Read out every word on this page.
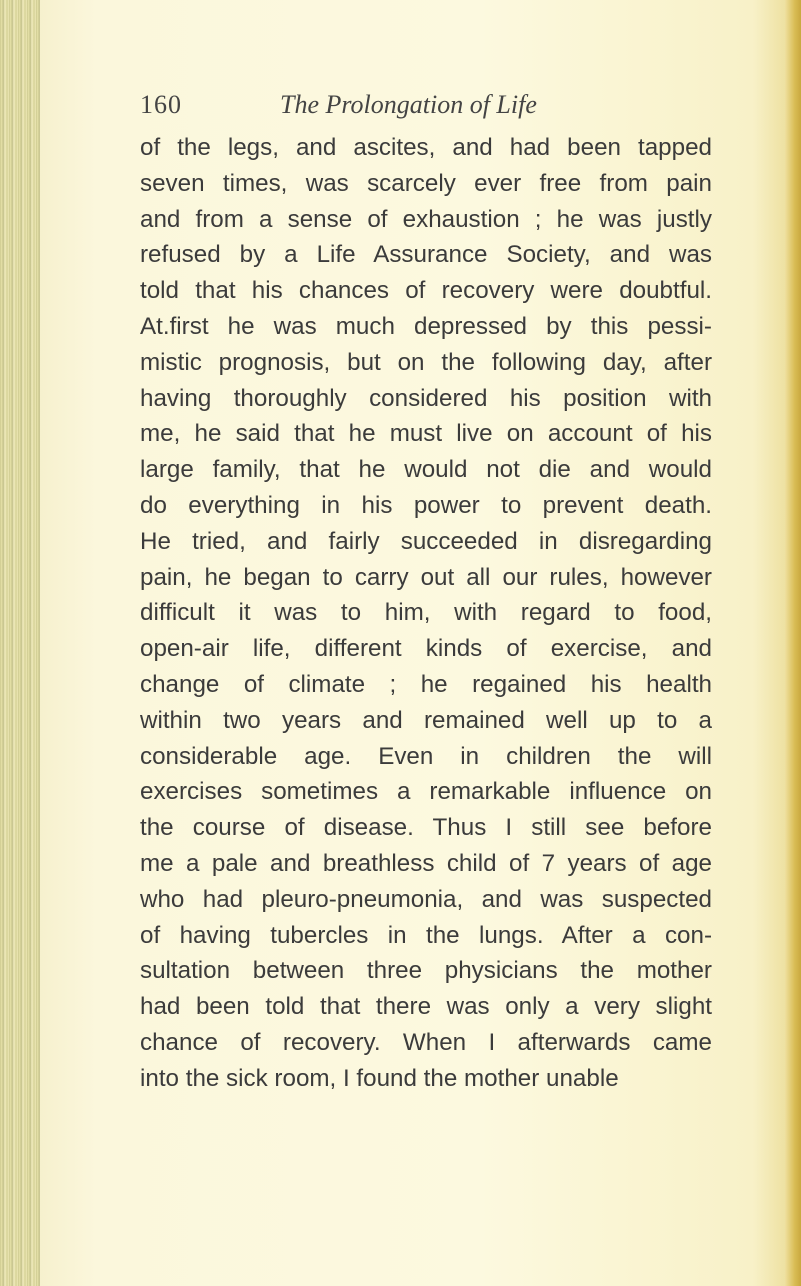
160	The Prolongation of Life
of the legs, and ascites, and had been tapped
seven times, was scarcely ever free from pain
and from a sense of exhaustion ; he was justly
refused by a Life Assurance Society, and was
told that his chances of recovery were doubtful.
At.first he was much depressed by this pessi-
mistic prognosis, but on the following day, after
having thoroughly considered his position with
me, he said that he must live on account of his
large family, that he would not die and would
do everything in his power to prevent death.
He tried, and fairly succeeded in disregarding
pain, he began to carry out all our rules, however
difficult it was to him, with regard to food,
open-air life, different kinds of exercise, and
change of climate ; he regained his health
within two years and remained well up to a
considerable age. Even in children the will
exercises sometimes a remarkable influence on
the course of disease. Thus I still see before
me a pale and breathless child of 7 years of age
who had pleuro-pneumonia, and was suspected
of having tubercles in the lungs. After a con-
sultation between three physicians the mother
had been told that there was only a very slight
chance of recovery. When I afterwards came
into the sick room, I found the mother unable
